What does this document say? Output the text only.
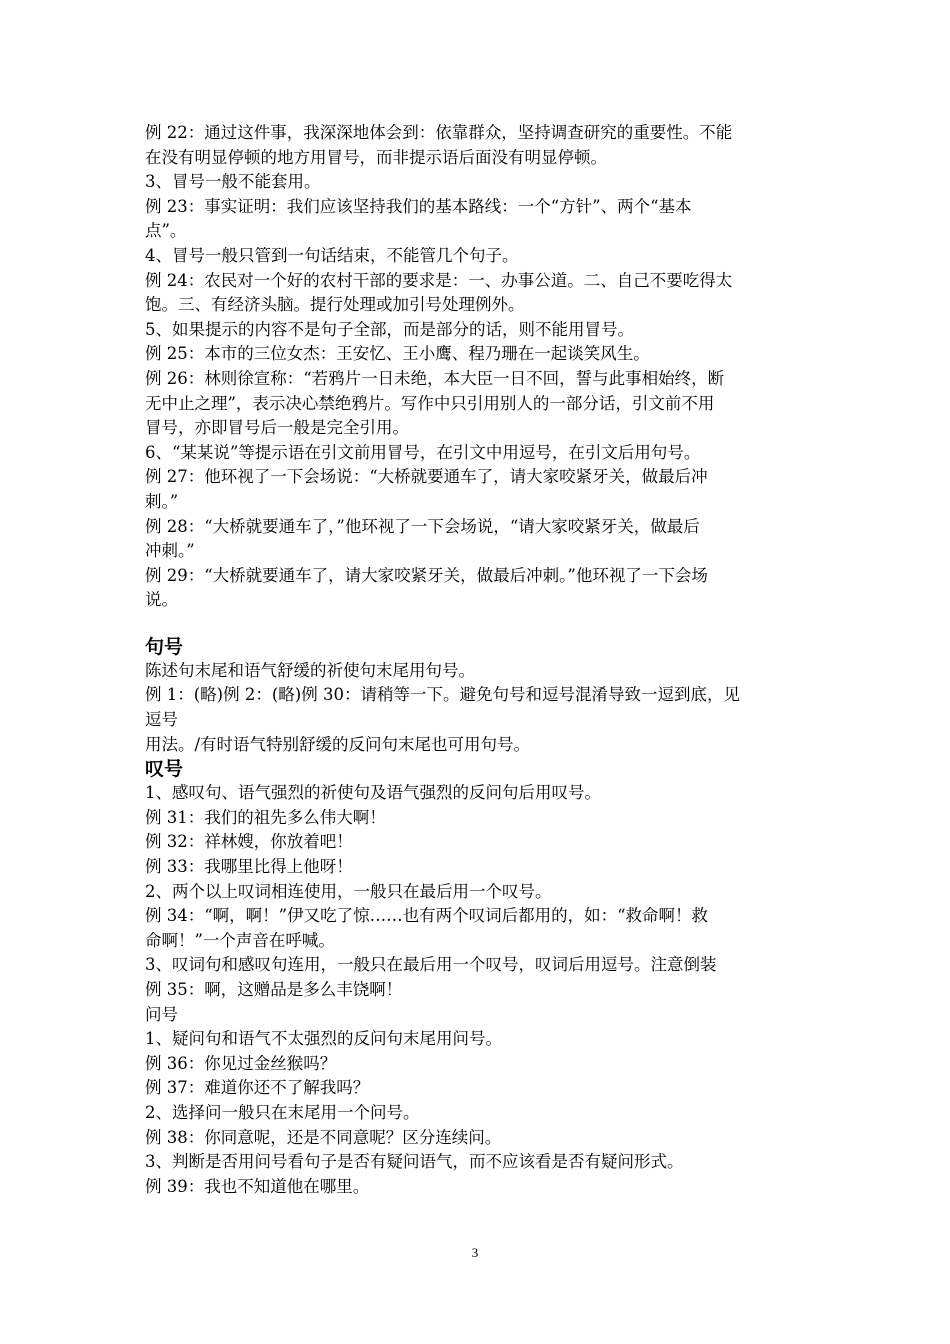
例 22：通过这件事，我深深地体会到：依靠群众，坚持调查研究的重要性。不能
在没有明显停顿的地方用冒号，而非提示语后面没有明显停顿。
3、冒号一般不能套用。
例 23：事实证明：我们应该坚持我们的基本路线：一个“方针”、两个“基本
点”。
4、冒号一般只管到一句话结束，不能管几个句子。
例 24：农民对一个好的农村干部的要求是：一、办事公道。二、自己不要吃得太
饱。三、有经济头脑。提行处理或加引号处理例外。
5、如果提示的内容不是句子全部，而是部分的话，则不能用冒号。
例 25：本市的三位女杰：王安忆、王小鹰、程乃珊在一起谈笑风生。
例 26：林则徐宣称：“若鸦片一日未绝，本大臣一日不回，誓与此事相始终，断
无中止之理”，表示决心禁绝鸦片。写作中只引用别人的一部分话，引文前不用
冒号，亦即冒号后一般是完全引用。
6、“某某说”等提示语在引文前用冒号，在引文中用逗号，在引文后用句号。
例 27：他环视了一下会场说：“大桥就要通车了，请大家咬紧牙关，做最后冲
刺。”
例 28：“大桥就要通车了，”他环视了一下会场说，“请大家咬紧牙关，做最后
冲刺。”
例 29：“大桥就要通车了，请大家咬紧牙关，做最后冲刺。”他环视了一下会场
说。
句号
陈述句末尾和语气舒缓的祈使句末尾用句号。
例 1：(略)例 2：(略)例 30：请稍等一下。避免句号和逗号混淆导致一逗到底，见
逗号
用法。/有时语气特别舒缓的反问句末尾也可用句号。
叹号
1、感叹句、语气强烈的祈使句及语气强烈的反问句后用叹号。
例 31：我们的祖先多么伟大啊！
例 32：祥林嫂，你放着吧！
例 33：我哪里比得上他呀！
2、两个以上叹词相连使用，一般只在最后用一个叹号。
例 34：“啊，啊！”伊又吃了惊……也有两个叹词后都用的，如：“救命啊！救
命啊！”一个声音在呼喊。
3、叹词句和感叹句连用，一般只在最后用一个叹号，叹词后用逗号。注意倒装
例 35：啊，这赠品是多么丰饶啊！
问号
1、疑问句和语气不太强烈的反问句末尾用问号。
例 36：你见过金丝猴吗？
例 37：难道你还不了解我吗？
2、选择问一般只在末尾用一个问号。
例 38：你同意呢，还是不同意呢？区分连续问。
3、判断是否用问号看句子是否有疑问语气，而不应该看是否有疑问形式。
例 39：我也不知道他在哪里。
3
